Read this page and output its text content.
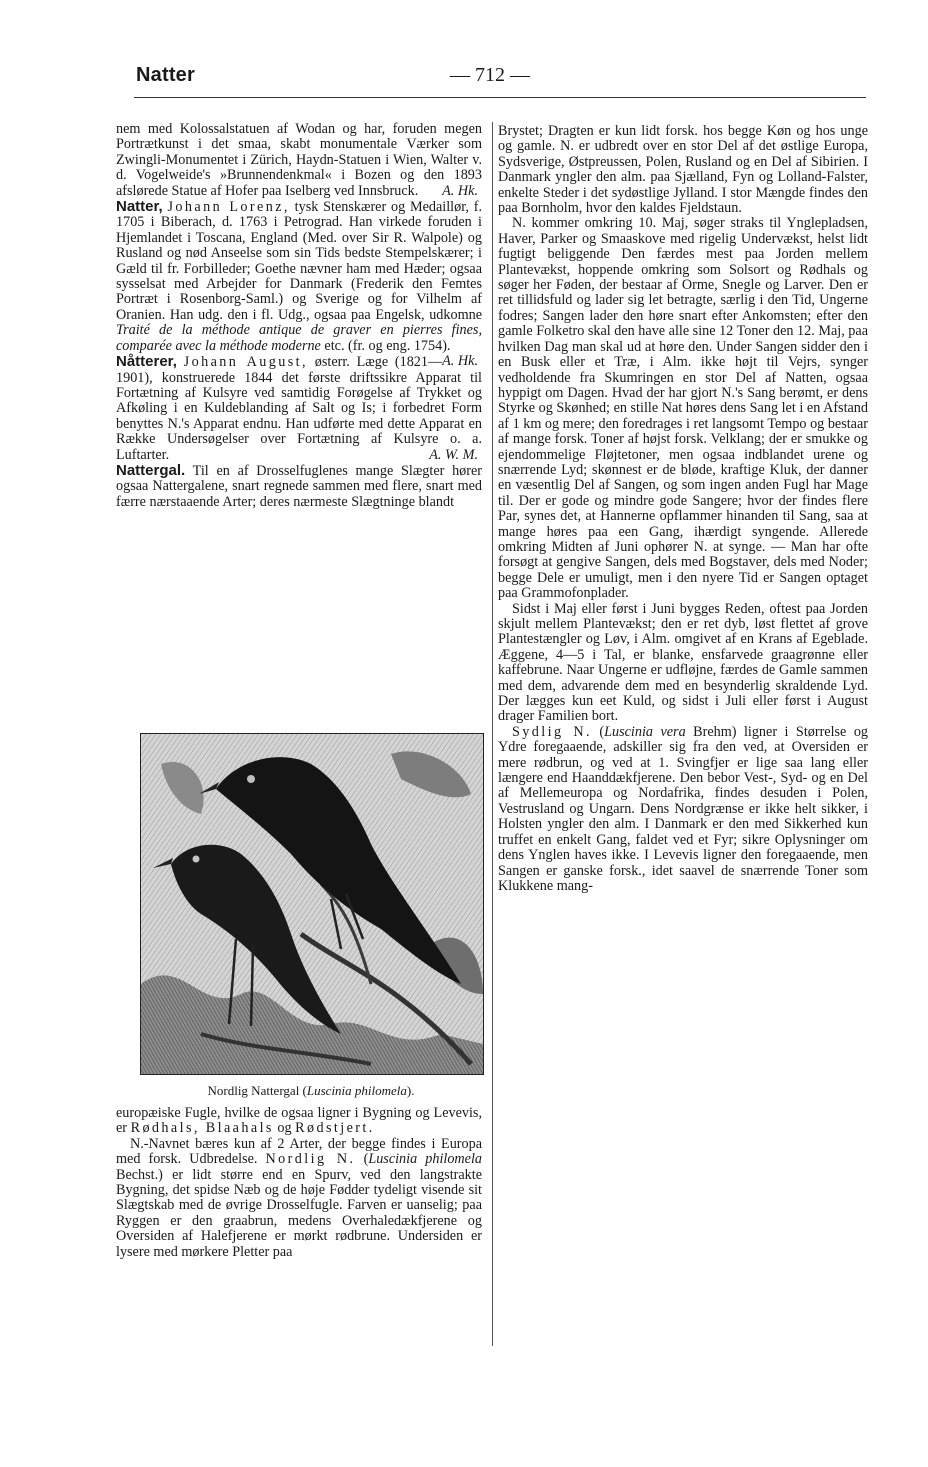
Natter	— 712 —

nem med Kolossalstatuen af Wodan og har, foruden megen Portrætkunst i det smaa, skabt monumentale Værker som Zwingli-Monumentet i Zürich, Haydn-Statuen i Wien, Walter v. d. Vogelweide's »Brunnendenkmal« i Bozen og den 1893 afslørede Statue af Hofer paa Iselberg ved Innsbruck. A. Hk.

Natter, Johann Lorenz, tysk Stenskærer og Medaillør, f. 1705 i Biberach, d. 1763 i Petrograd. Han virkede foruden i Hjemlandet i Toscana, England (Med. over Sir R. Walpole) og Rusland og nød Anseelse som sin Tids bedste Stempelskærer; i Gæld til fr. Forbilleder; Goethe nævner ham med Hæder; ogsaa sysselsat med Arbejder for Danmark (Frederik den Femtes Portræt i Rosenborg-Saml.) og Sverige og for Vilhelm af Oranien. Han udg. den i fl. Udg., ogsaa paa Engelsk, udkomne Traité de la méthode antique de graver en pierres fines, comparée avec la méthode moderne etc. (fr. og eng. 1754).
A. Hk.

Nåtterer, Johann August, østerr. Læge (1821—1901), konstruerede 1844 det første driftssikre Apparat til Fortætning af Kulsyre ved samtidig Forøgelse af Trykket og Afkøling i en Kuldeblanding af Salt og Is; i forbedret Form benyttes N.'s Apparat endnu. Han udførte med dette Apparat en Række Undersøgelser over Fortætning af Kulsyre o. a. Luftarter.	A. W. M.

Nattergal. Til en af Drosselfuglenes mange Slægter hører ogsaa Nattergalene, snart regnede sammen med flere, snart med færre nærstaaende Arter; deres nærmeste Slægtninge blandt

Nordlig Nattergal (Luscinia philomela).

europæiske Fugle, hvilke de ogsaa ligner i Bygning og Levevis, er Rødhals, Blaahals og Rødstjert.

N.-Navnet bæres kun af 2 Arter, der begge findes i Europa med forsk. Udbredelse. Nordlig N. (Luscinia philomela Bechst.) er lidt større end en Spurv, ved den langstrakte Bygning, det spidse Næb og de høje Fødder tydeligt visende sit Slægtskab med de øvrige Drosselfugle. Farven er uanselig; paa Ryggen er den graabrun, medens Overhaledækfjerene og Oversiden af Halefjerene er mørkt rødbrune. Undersiden er lysere med mørkere Pletter paa

Brystet; Dragten er kun lidt forsk. hos begge Køn og hos unge og gamle. N. er udbredt over en stor Del af det østlige Europa, Sydsverige, Østpreussen, Polen, Rusland og en Del af Sibirien. I Danmark yngler den alm. paa Sjælland, Fyn og Lolland-Falster, enkelte Steder i det sydøstlige Jylland. I stor Mængde findes den paa Bornholm, hvor den kaldes Fjeldstaun.

N. kommer omkring 10. Maj, søger straks til Ynglepladsen, Haver, Parker og Smaaskove med rigelig Undervækst, helst lidt fugtigt beliggende Den færdes mest paa Jorden mellem Plantevækst, hoppende omkring som Solsort og Rødhals og søger her Føden, der bestaar af Orme, Snegle og Larver. Den er ret tillidsfuld og lader sig let betragte, særlig i den Tid, Ungerne fodres; Sangen lader den høre snart efter Ankomsten; efter den gamle Folketro skal den have alle sine 12 Toner den 12. Maj, paa hvilken Dag man skal ud at høre den. Under Sangen sidder den i en Busk eller et Træ, i Alm. ikke højt til Vejrs, synger vedholdende fra Skumringen en stor Del af Natten, ogsaa hyppigt om Dagen. Hvad der har gjort N.'s Sang berømt, er dens Styrke og Skønhed; en stille Nat høres dens Sang let i en Afstand af 1 km og mere; den foredrages i ret langsomt Tempo og bestaar af mange forsk. Toner af højst forsk. Velklang; der er smukke og ejendommelige Fløjtetoner, men ogsaa indblandet urene og snærrende Lyd; skønnest er de bløde, kraftige Kluk, der danner en væsentlig Del af Sangen, og som ingen anden Fugl har Mage til. Der er gode og mindre gode Sangere; hvor der findes flere Par, synes det, at Hannerne opflammer hinanden til Sang, saa at mange høres paa een Gang, ihærdigt syngende. Allerede omkring Midten af Juni ophører N. at synge. — Man har ofte forsøgt at gengive Sangen, dels med Bogstaver, dels med Noder; begge Dele er umuligt, men i den nyere Tid er Sangen optaget paa Grammofonplader.

Sidst i Maj eller først i Juni bygges Reden, oftest paa Jorden skjult mellem Plantevækst; den er ret dyb, løst flettet af grove Plantestængler og Løv, i Alm. omgivet af en Krans af Egeblade. Æggene, 4—5 i Tal, er blanke, ensfarvede graagrønne eller kaffebrune. Naar Ungerne er udfløjne, færdes de Gamle sammen med dem, advarende dem med en besynderlig skraldende Lyd. Der lægges kun eet Kuld, og sidst i Juli eller først i August drager Familien bort.

Sydlig N. (Luscinia vera Brehm) ligner i Størrelse og Ydre foregaaende, adskiller sig fra den ved, at Oversiden er mere rødbrun, og ved at 1. Svingfjer er lige saa lang eller længere end Haanddækfjerene. Den bebor Vest-, Syd- og en Del af Mellemeuropa og Nordafrika, findes desuden i Polen, Vestrusland og Ungarn. Dens Nordgrænse er ikke helt sikker, i Holsten yngler den alm. I Danmark er den med Sikkerhed kun truffet en enkelt Gang, faldet ved et Fyr; sikre Oplysninger om dens Ynglen haves ikke. I Levevis ligner den foregaaende, men Sangen er ganske forsk., idet saavel de snærrende Toner som Klukkene mang-
